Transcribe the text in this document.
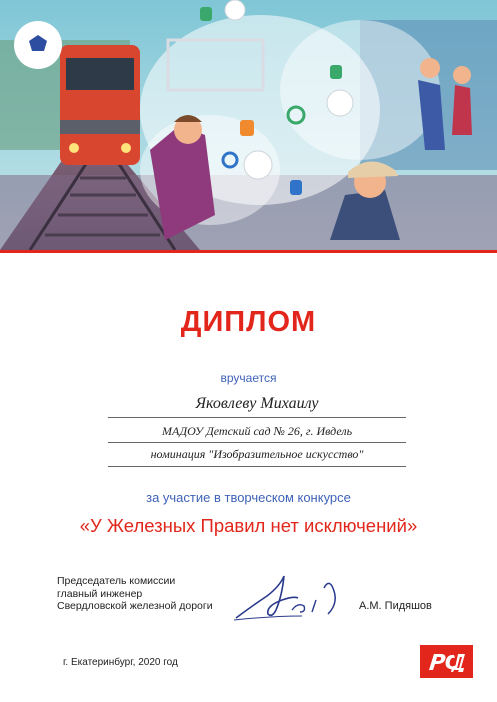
ДИПЛОМ
вручается
Яковлеву Михаилу
МАДОУ Детский сад № 26, г. Ивдель
номинация "Изобразительное искусство"
за участие в творческом конкурсе
«У Железных Правил нет исключений»
Председатель комиссии
главный инженер
Свердловской железной дороги	А.М. Пидяшов
г. Екатеринбург, 2020 год
